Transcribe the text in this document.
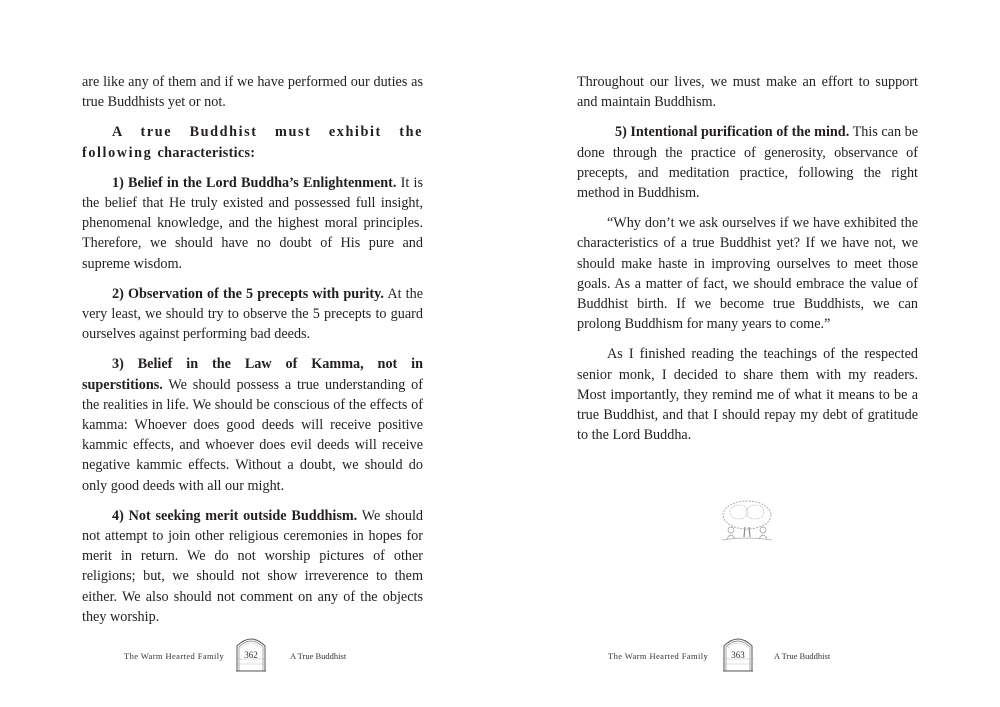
are like any of them and if we have performed our duties as true Buddhists yet or not.

A true Buddhist must exhibit the following characteristics:

1) Belief in the Lord Buddha’s Enlightenment. It is the belief that He truly existed and possessed full insight, phenomenal knowledge, and the highest moral principles. Therefore, we should have no doubt of His pure and supreme wisdom.

2) Observation of the 5 precepts with purity. At the very least, we should try to observe the 5 precepts to guard ourselves against performing bad deeds.

3) Belief in the Law of Kamma, not in superstitions. We should possess a true understanding of the realities in life. We should be conscious of the effects of kamma: Whoever does good deeds will receive positive kammic effects, and whoever does evil deeds will receive negative kammic effects. Without a doubt, we should do only good deeds with all our might.

4) Not seeking merit outside Buddhism. We should not attempt to join other religious ceremonies in hopes for merit in return. We do not worship pictures of other religions; but, we should not show irreverence to them either. We also should not comment on any of the objects they worship.

The Warm Hearted Family	362	A True Buddhist

Throughout our lives, we must make an effort to support and maintain Buddhism.

5) Intentional purification of the mind. This can be done through the practice of generosity, observance of precepts, and meditation practice, following the right method in Buddhism.

“Why don’t we ask ourselves if we have exhibited the characteristics of a true Buddhist yet? If we have not, we should make haste in improving ourselves to meet those goals. As a matter of fact, we should embrace the value of Buddhist birth. If we become true Buddhists, we can prolong Buddhism for many years to come.”

As I finished reading the teachings of the respected senior monk, I decided to share them with my readers. Most importantly, they remind me of what it means to be a true Buddhist, and that I should repay my debt of gratitude to the Lord Buddha.

The Warm Hearted Family	363	A True Buddhist
